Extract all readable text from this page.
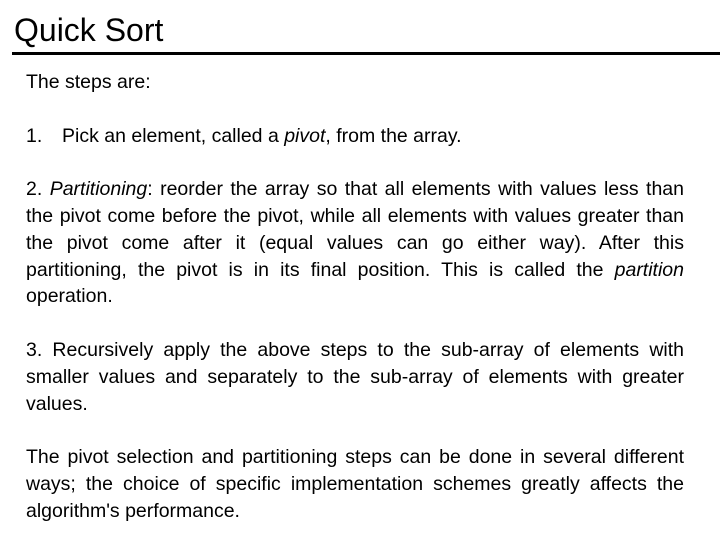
Quick Sort

The steps are:

1. Pick an element, called a pivot, from the array.

2. Partitioning: reorder the array so that all elements with values less than the pivot come before the pivot, while all elements with values greater than the pivot come after it (equal values can go either way). After this partitioning, the pivot is in its final position. This is called the partition operation.

3. Recursively apply the above steps to the sub-array of elements with smaller values and separately to the sub-array of elements with greater values.

The pivot selection and partitioning steps can be done in several different ways; the choice of specific implementation schemes greatly affects the algorithm's performance.
